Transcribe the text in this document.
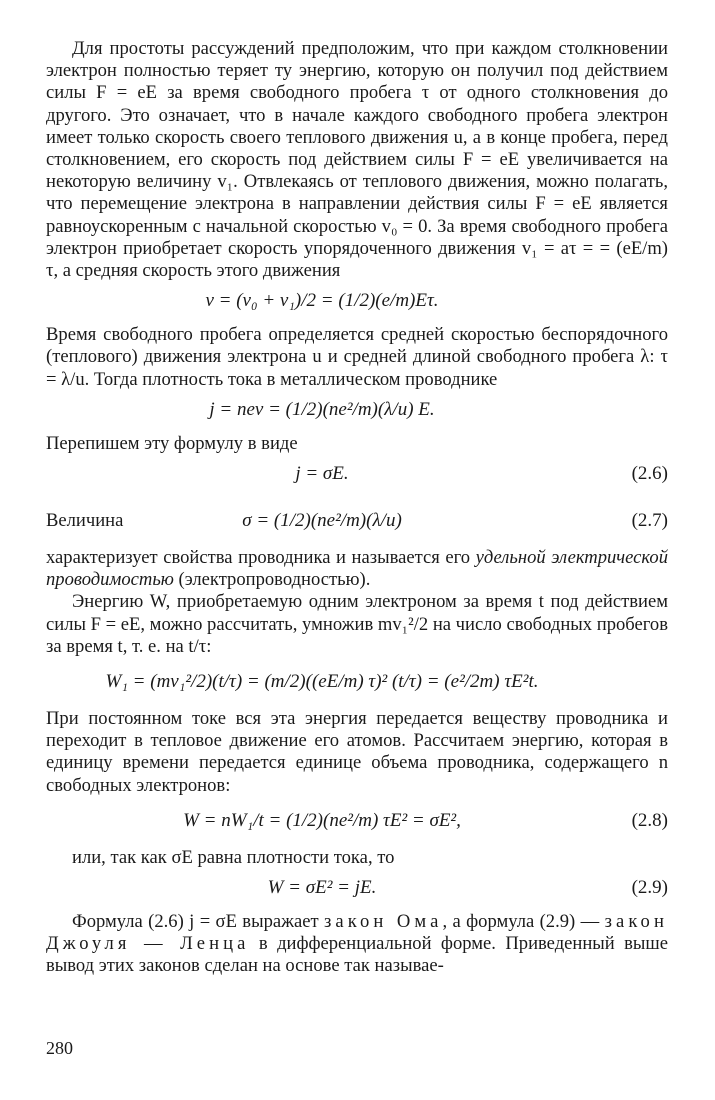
Для простоты рассуждений предположим, что при каждом столкновении электрон полностью теряет ту энергию, которую он получил под действием силы F = eE за время свободного пробега τ от одного столкновения до другого. Это означает, что в начале каждого свободного пробега электрон имеет только скорость своего теплового движения u, а в конце пробега, перед столкновением, его скорость под действием силы F = eE увеличивается на некоторую величину v₁. Отвлекаясь от теплового движения, можно полагать, что перемещение электрона в направлении действия силы F = eE является равноускоренным с начальной скоростью v₀ = 0. За время свободного пробега электрон приобретает скорость упорядоченного движения v₁ = aτ = = (eE/m) τ, а средняя скорость этого движения

v = (v₀ + v₁)/2 = (1/2)(e/m)Eτ.

Время свободного пробега определяется средней скоростью беспорядочного (теплового) движения электрона u и средней длиной свободного пробега λ: τ = λ/u. Тогда плотность тока в металлическом проводнике

j = nev = (1/2)(ne²/m)(λ/u) E.

Перепишем эту формулу в виде

j = σE.	(2.6)
Величина	σ = (1/2)(ne²/m)(λ/u)	(2.7)

характеризует свойства проводника и называется его удельной электрической проводимостью (электропроводностью).

Энергию W, приобретаемую одним электроном за время t под действием силы F = eE, можно рассчитать, умножив mv₁²/2 на число свободных пробегов за время t, т. е. на t/τ:

W₁ = (mv₁²/2)(t/τ) = (m/2)((eE/m) τ)² (t/τ) = (e²/2m) τE²t.

При постоянном токе вся эта энергия передается веществу проводника и переходит в тепловое движение его атомов. Рассчитаем энергию, которая в единицу времени передается единице объема проводника, содержащего n свободных электронов:

W = nW₁/t = (1/2)(ne²/m) τE² = σE²,	(2.8)

или, так как σE равна плотности тока, то

W = σE² = jE.	(2.9)

Формула (2.6) j = σE выражает закон Ома, а формула (2.9) — закон Джоуля — Ленца в дифференциальной форме. Приведенный выше вывод этих законов сделан на основе так называе-

280
